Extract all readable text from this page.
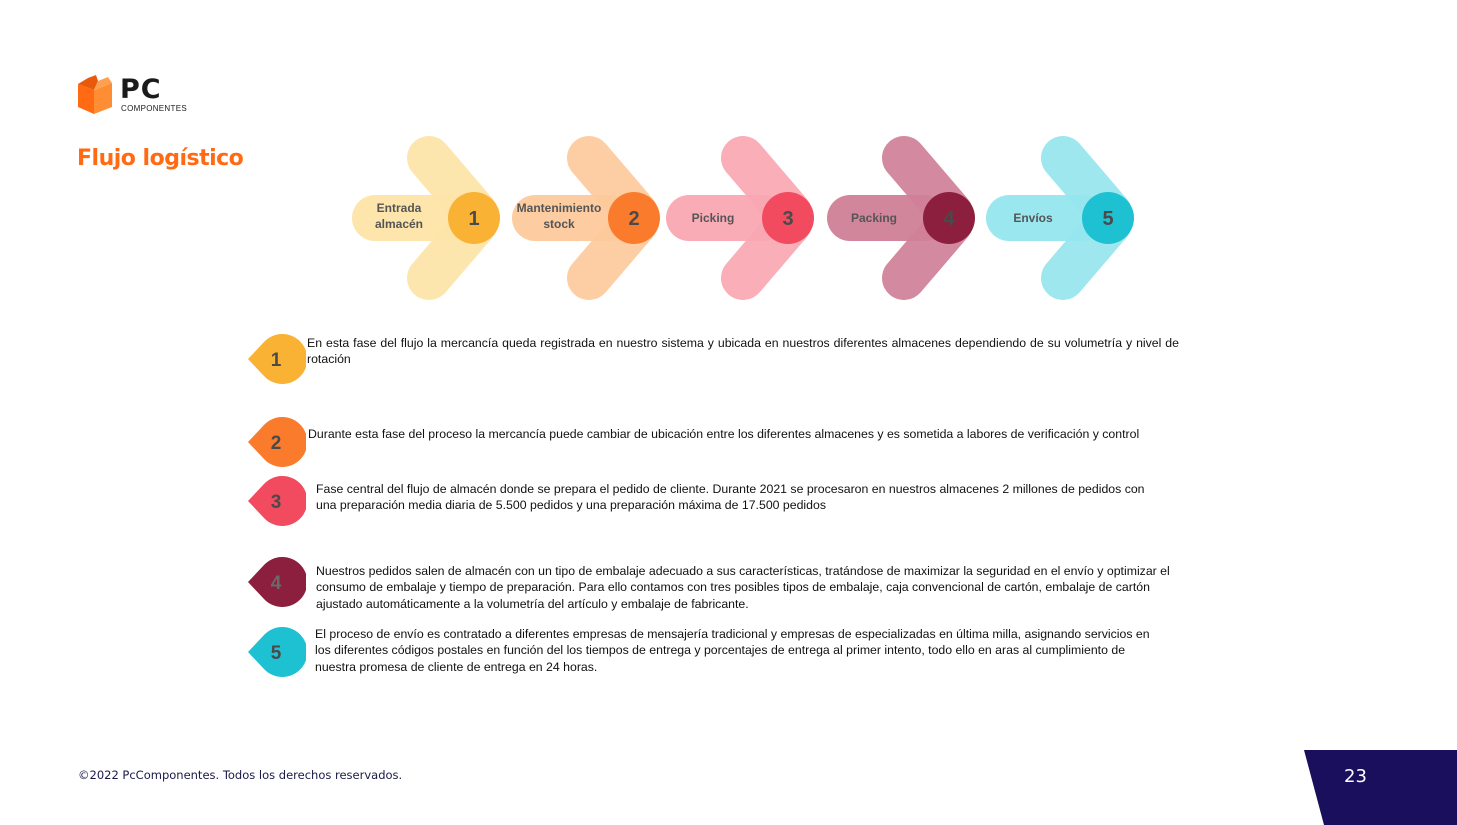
PC
COMPONENTES
Flujo logístico
1
Entrada
almacén	2
Mantenimiento
stock	3
Picking	4
Packing	5
Envíos
1
En esta fase del flujo la mercancía queda registrada en nuestro sistema y ubicada en nuestros diferentes almacenes dependiendo de su volumetría y nivel de rotación
2 Durante esta fase del proceso la mercancía puede cambiar de ubicación entre los diferentes almacenes y es sometida a labores de verificación y control
3
Fase central del flujo de almacén donde se prepara el pedido de cliente. Durante 2021 se procesaron en nuestros almacenes 2 millones de pedidos con una preparación media diaria de 5.500 pedidos y una preparación máxima de 17.500 pedidos
4
Nuestros pedidos salen de almacén con un tipo de embalaje adecuado a sus características, tratándose de maximizar la seguridad en el envío y optimizar el consumo de embalaje y tiempo de preparación. Para ello contamos con tres posibles tipos de embalaje, caja convencional de cartón, embalaje de cartón ajustado automáticamente a la volumetría del artículo y embalaje de fabricante.
5
El proceso de envío es contratado a diferentes empresas de mensajería tradicional y empresas de especializadas en última milla, asignando servicios en los diferentes códigos postales en función del los tiempos de entrega y porcentajes de entrega al primer intento, todo ello en aras al cumplimiento de nuestra promesa de cliente de entrega en 24 horas.
©2022 PcComponentes. Todos los derechos reservados.	23
